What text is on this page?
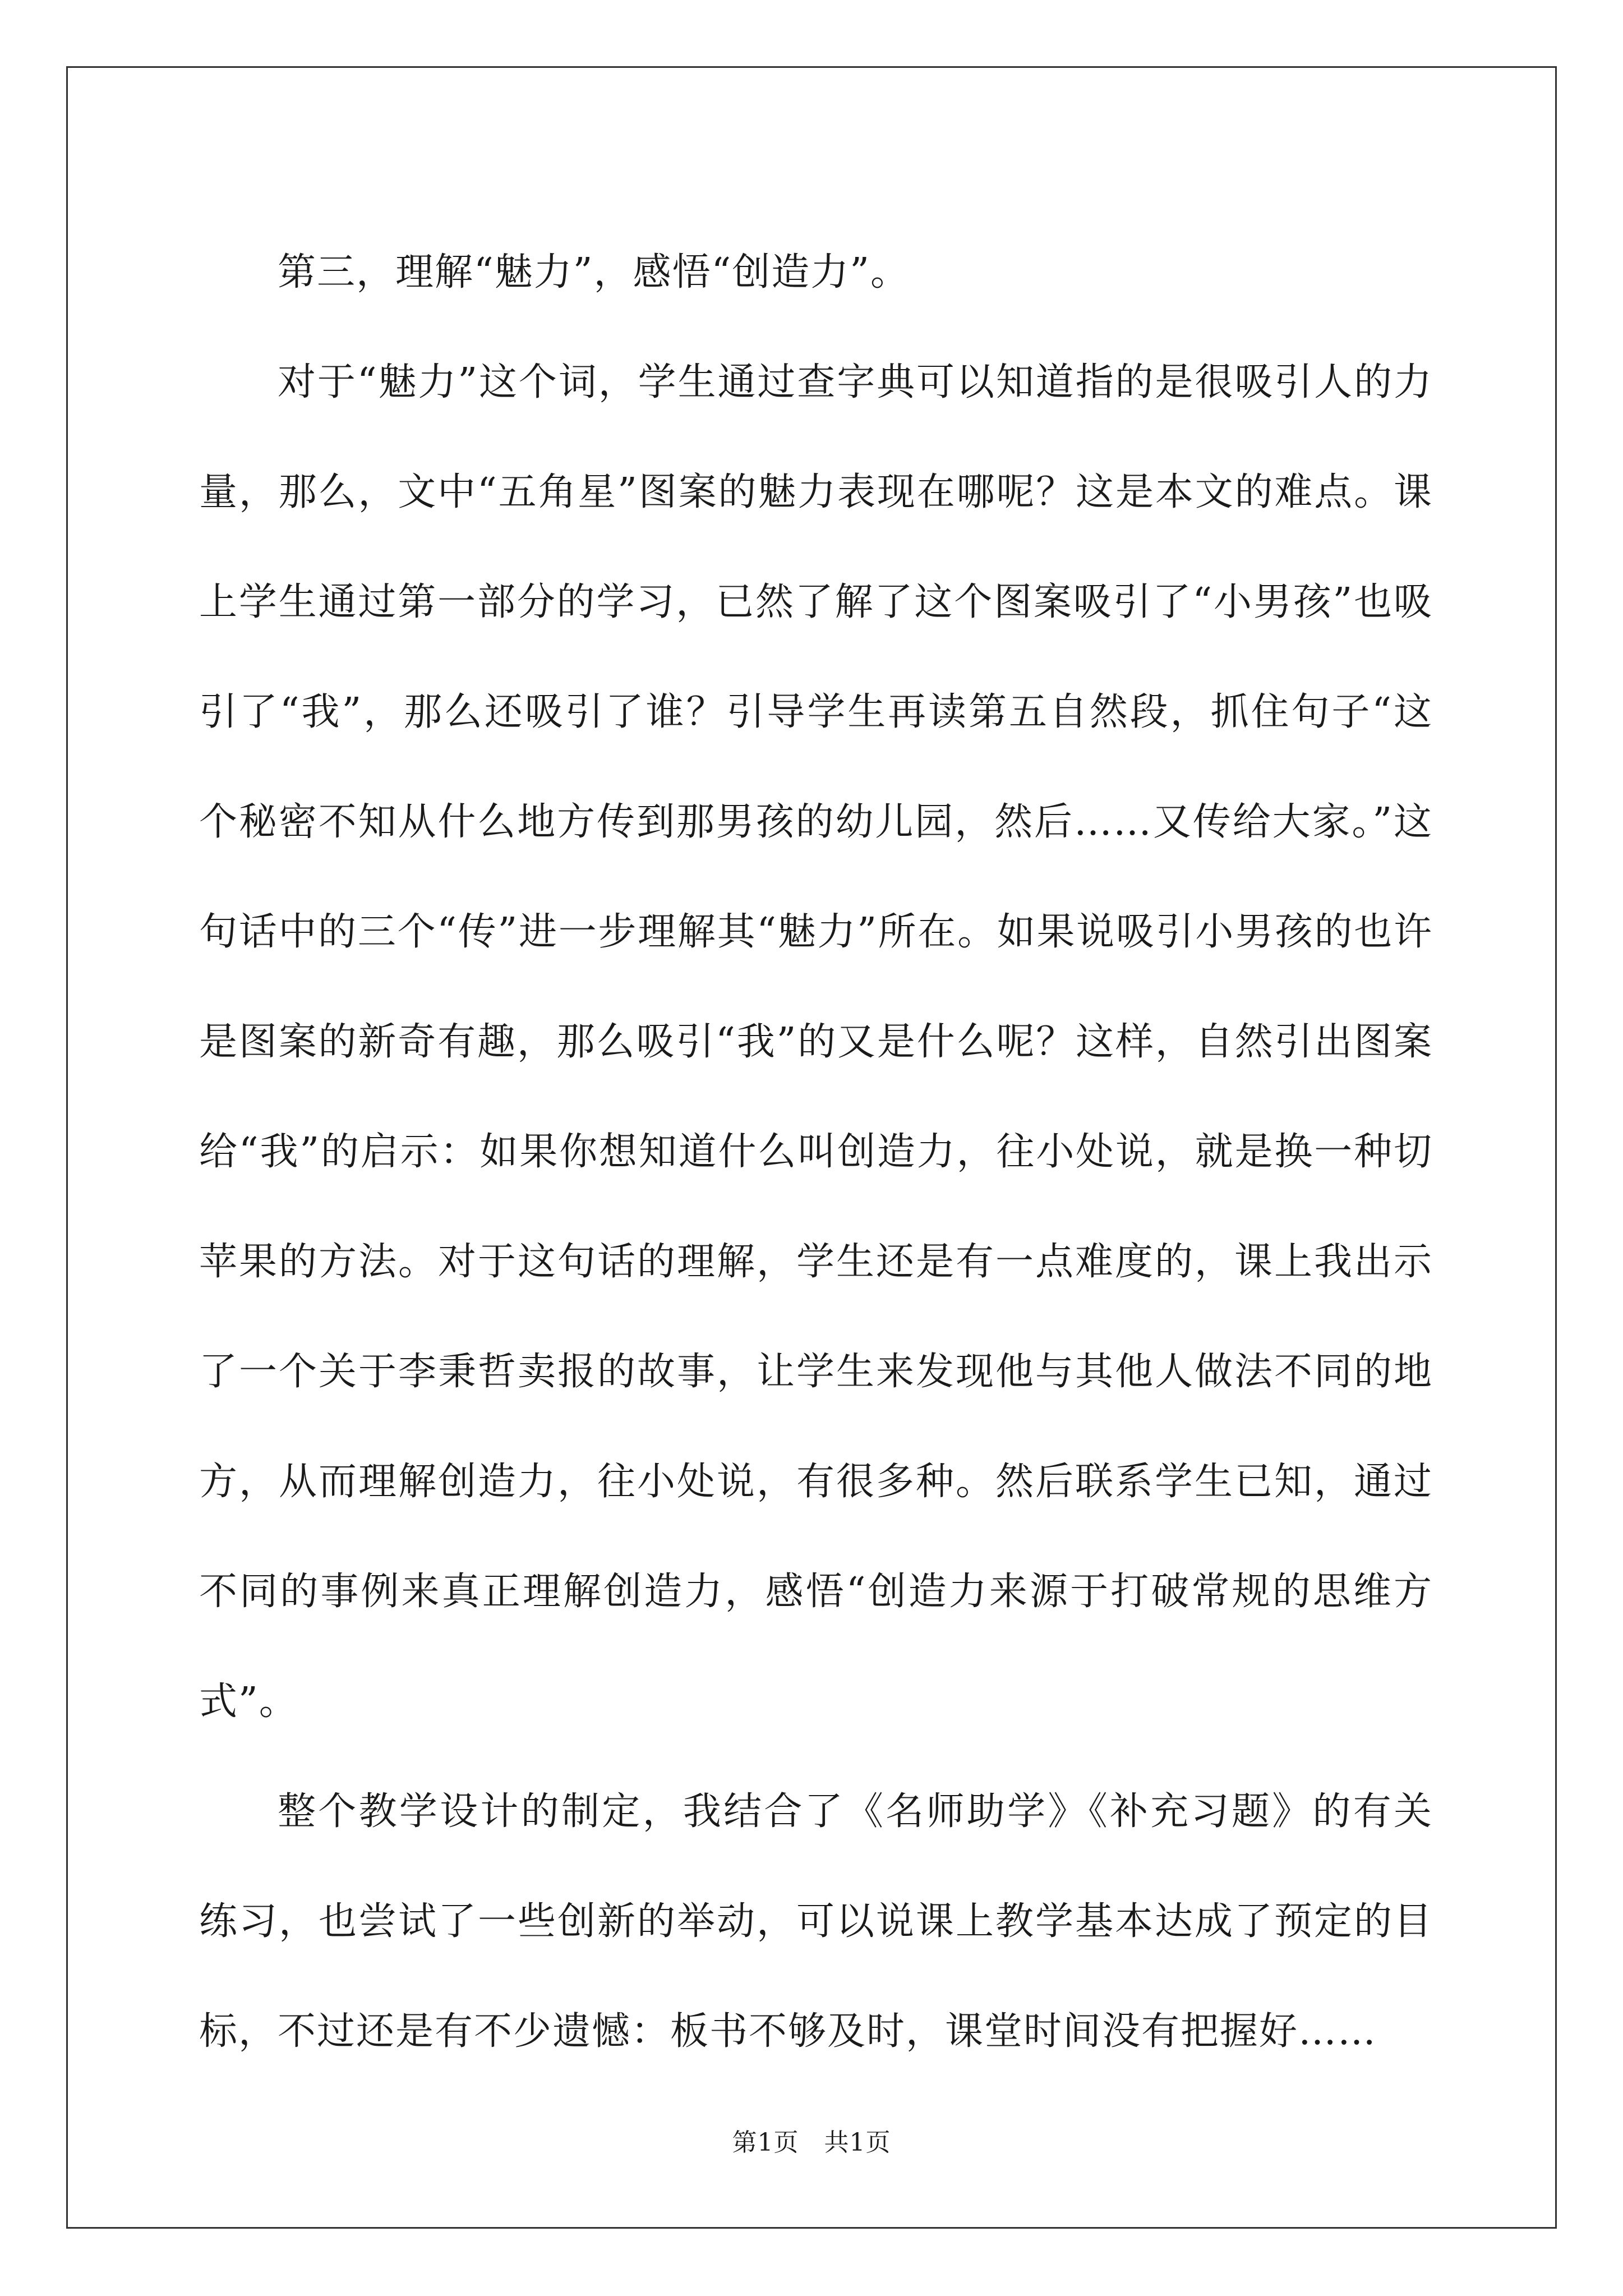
第三，理解“魅力”，感悟“创造力”。

对于“魅力”这个词，学生通过查字典可以知道指的是很吸引人的力量，那么，文中“五角星”图案的魅力表现在哪呢？这是本文的难点。课上学生通过第一部分的学习，已然了解了这个图案吸引了“小男孩”也吸引了“我”，那么还吸引了谁？引导学生再读第五自然段，抓住句子“这个秘密不知从什么地方传到那男孩的幼儿园，然后……又传给大家。”这句话中的三个“传”进一步理解其“魅力”所在。如果说吸引小男孩的也许是图案的新奇有趣，那么吸引“我”的又是什么呢？这样，自然引出图案给“我”的启示：如果你想知道什么叫创造力，往小处说，就是换一种切苹果的方法。对于这句话的理解，学生还是有一点难度的，课上我出示了一个关于李秉哲卖报的故事，让学生来发现他与其他人做法不同的地方，从而理解创造力，往小处说，有很多种。然后联系学生已知，通过不同的事例来真正理解创造力，感悟“创造力来源于打破常规的思维方式”。

整个教学设计的制定，我结合了《名师助学》《补充习题》的有关练习，也尝试了一些创新的举动，可以说课上教学基本达成了预定的目标，不过还是有不少遗憾：板书不够及时，课堂时间没有把握好……

第1页　共1页
